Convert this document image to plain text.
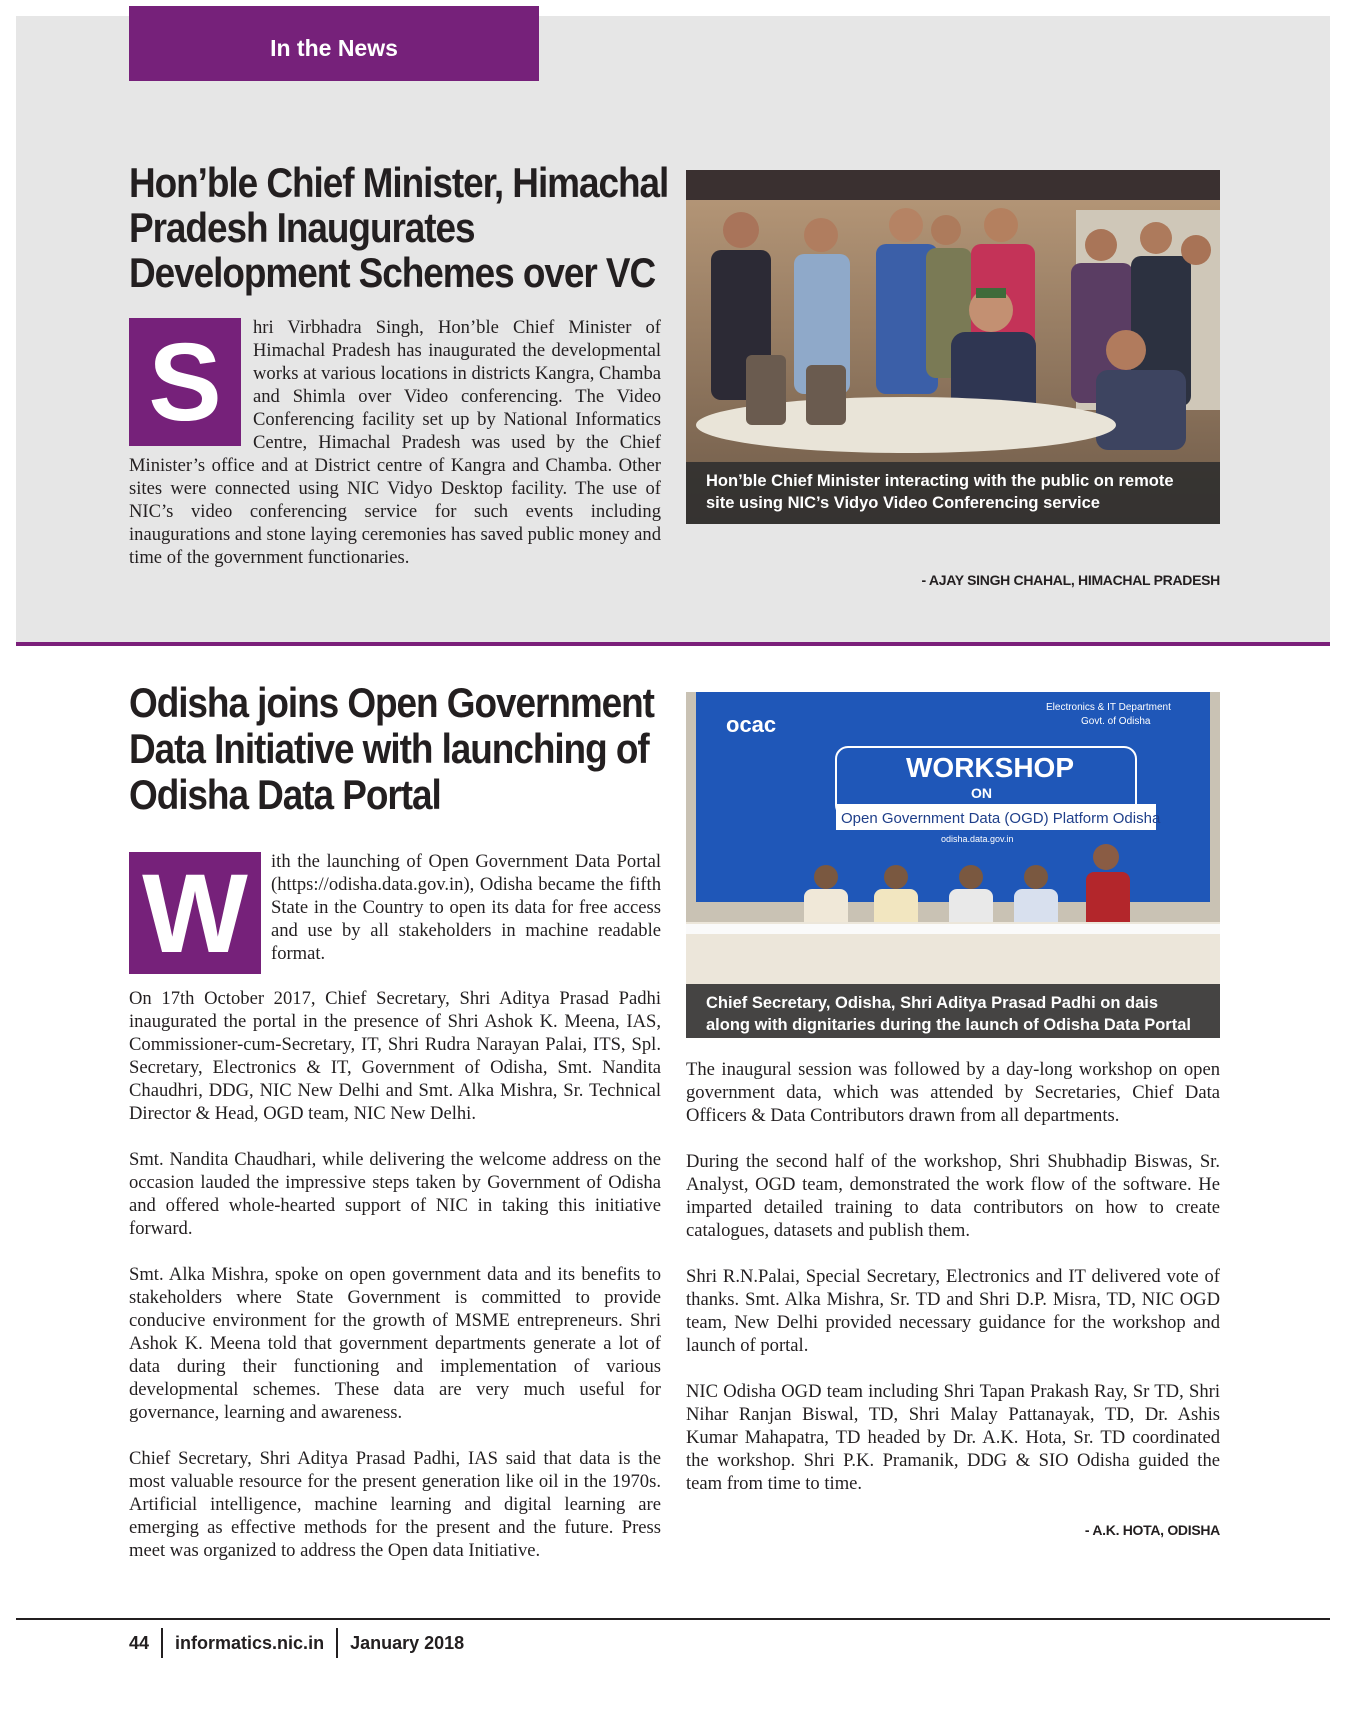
In the News
Hon’ble Chief Minister, Himachal Pradesh Inaugurates Development Schemes over VC
S	hri Virbhadra Singh, Hon’ble Chief Minister of Himachal Pradesh has inaugurated the developmental works at various locations in districts Kangra, Chamba and Shimla over Video conferencing. The Video Conferencing facility set up by National Informatics Centre, Himachal Pradesh was used by the Chief Minister’s office and at District centre of Kangra and Chamba. Other sites were connected using NIC Vidyo Desktop facility. The use of NIC’s video conferencing service for such events including inaugurations and stone laying ceremonies has saved public money and time of the government functionaries.
Hon’ble Chief Minister interacting with the public on remote site using NIC’s Vidyo Video Conferencing service
- AJAY SINGH CHAHAL, HIMACHAL PRADESH
Odisha joins Open Government Data Initiative with launching of Odisha Data Portal
W	ith the launching of Open Government Data Portal (https://odisha.data.gov.in), Odisha became the fifth State in the Country to open its data for free access and use by all stakeholders in machine readable format.
On 17th October 2017, Chief Secretary, Shri Aditya Prasad Padhi inaugurated the portal in the presence of Shri Ashok K. Meena, IAS, Commissioner-cum-Secretary, IT, Shri Rudra Narayan Palai, ITS, Spl. Secretary, Electronics & IT, Government of Odisha, Smt. Nandita Chaudhri, DDG, NIC New Delhi and Smt. Alka Mishra, Sr. Technical Director & Head, OGD team, NIC New Delhi.
Smt. Nandita Chaudhari, while delivering the welcome address on the occasion lauded the impressive steps taken by Government of Odisha and offered whole-hearted support of NIC in taking this initiative forward.
Smt. Alka Mishra, spoke on open government data and its benefits to stakeholders where State Government is committed to provide conducive environment for the growth of MSME entrepreneurs. Shri Ashok K. Meena told that government departments generate a lot of data during their functioning and implementation of various developmental schemes. These data are very much useful for governance, learning and awareness.
Chief Secretary, Shri Aditya Prasad Padhi, IAS said that data is the most valuable resource for the present generation like oil in the 1970s. Artificial intelligence, machine learning and digital learning are emerging as effective methods for the present and the future. Press meet was organized to address the Open data Initiative.
ocac
Electronics & IT Department
Govt. of Odisha
WORKSHOP
ON
Open Government Data (OGD) Platform Odisha
odisha.data.gov.in
Chief Secretary, Odisha, Shri Aditya Prasad Padhi on dais along with dignitaries during the launch of Odisha Data Portal
The inaugural session was followed by a day-long workshop on open government data, which was attended by Secretaries, Chief Data Officers & Data Contributors drawn from all departments.
During the second half of the workshop, Shri Shubhadip Biswas, Sr. Analyst, OGD team, demonstrated the work flow of the software. He imparted detailed training to data contributors on how to create catalogues, datasets and publish them.
Shri R.N.Palai, Special Secretary, Electronics and IT delivered vote of thanks. Smt. Alka Mishra, Sr. TD and Shri D.P. Misra, TD, NIC OGD team, New Delhi provided necessary guidance for the workshop and launch of portal.
NIC Odisha OGD team including Shri Tapan Prakash Ray, Sr TD, Shri Nihar Ranjan Biswal, TD, Shri Malay Pattanayak, TD, Dr. Ashis Kumar Mahapatra, TD headed by Dr. A.K. Hota, Sr. TD coordinated the workshop. Shri P.K. Pramanik, DDG & SIO Odisha guided the team from time to time.
- A.K. HOTA, ODISHA
44 informatics.nic.in January 2018
